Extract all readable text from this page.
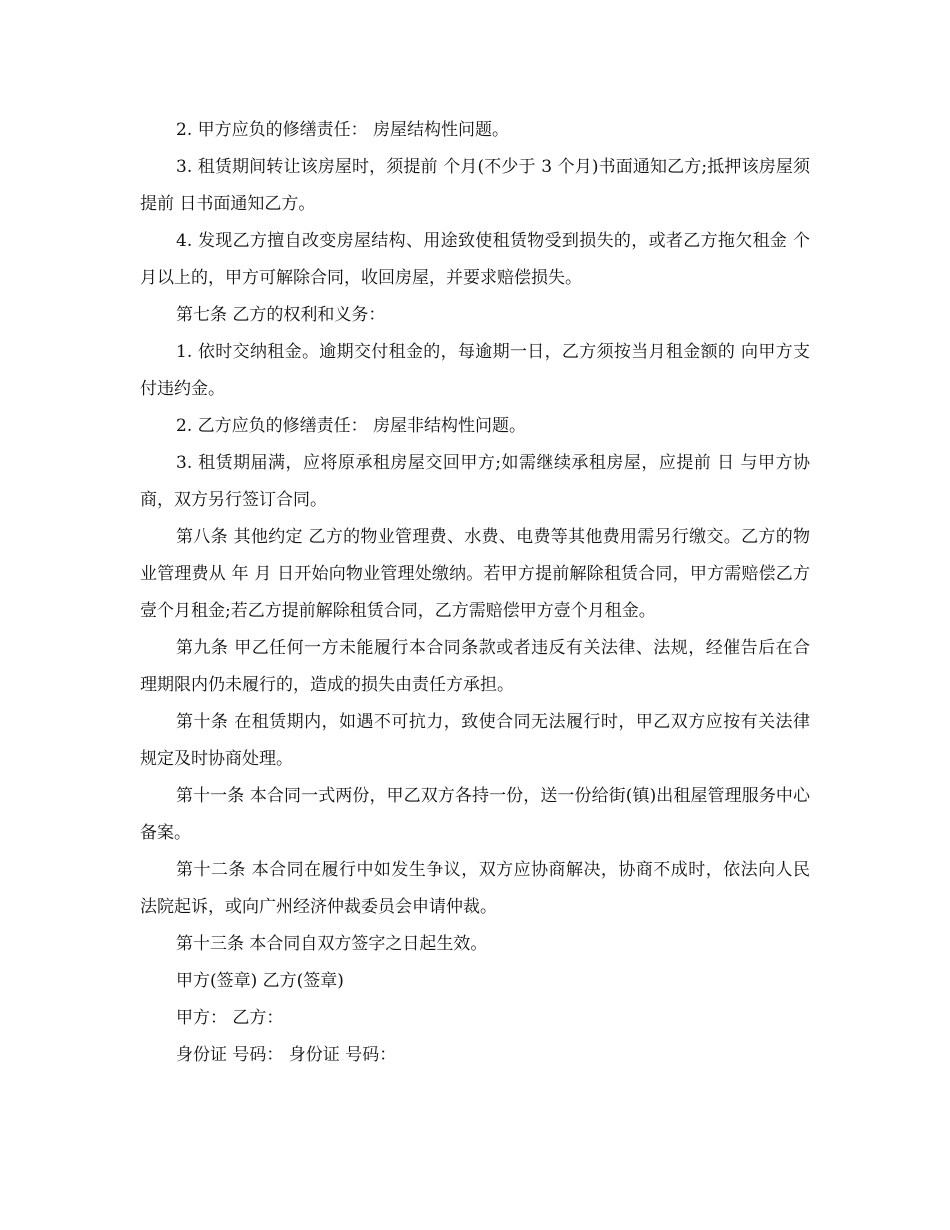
2. 甲方应负的修缮责任： 房屋结构性问题。

3. 租赁期间转让该房屋时，须提前 个月(不少于 3 个月)书面通知乙方;抵押该房屋须提前 日书面通知乙方。

4. 发现乙方擅自改变房屋结构、用途致使租赁物受到损失的，或者乙方拖欠租金 个月以上的，甲方可解除合同，收回房屋，并要求赔偿损失。

第七条 乙方的权利和义务：

1. 依时交纳租金。逾期交付租金的，每逾期一日，乙方须按当月租金额的 向甲方支付违约金。

2. 乙方应负的修缮责任： 房屋非结构性问题。

3. 租赁期届满，应将原承租房屋交回甲方;如需继续承租房屋，应提前 日 与甲方协商，双方另行签订合同。

第八条 其他约定 乙方的物业管理费、水费、电费等其他费用需另行缴交。乙方的物业管理费从 年 月 日开始向物业管理处缴纳。若甲方提前解除租赁合同，甲方需赔偿乙方壹个月租金;若乙方提前解除租赁合同，乙方需赔偿甲方壹个月租金。

第九条 甲乙任何一方未能履行本合同条款或者违反有关法律、法规，经催告后在合理期限内仍未履行的，造成的损失由责任方承担。

第十条 在租赁期内，如遇不可抗力，致使合同无法履行时，甲乙双方应按有关法律规定及时协商处理。

第十一条 本合同一式两份，甲乙双方各持一份，送一份给街(镇)出租屋管理服务中心备案。

第十二条 本合同在履行中如发生争议，双方应协商解决，协商不成时，依法向人民法院起诉，或向广州经济仲裁委员会申请仲裁。

第十三条 本合同自双方签字之日起生效。

甲方(签章) 乙方(签章)

甲方： 乙方：

身份证 号码： 身份证 号码：
